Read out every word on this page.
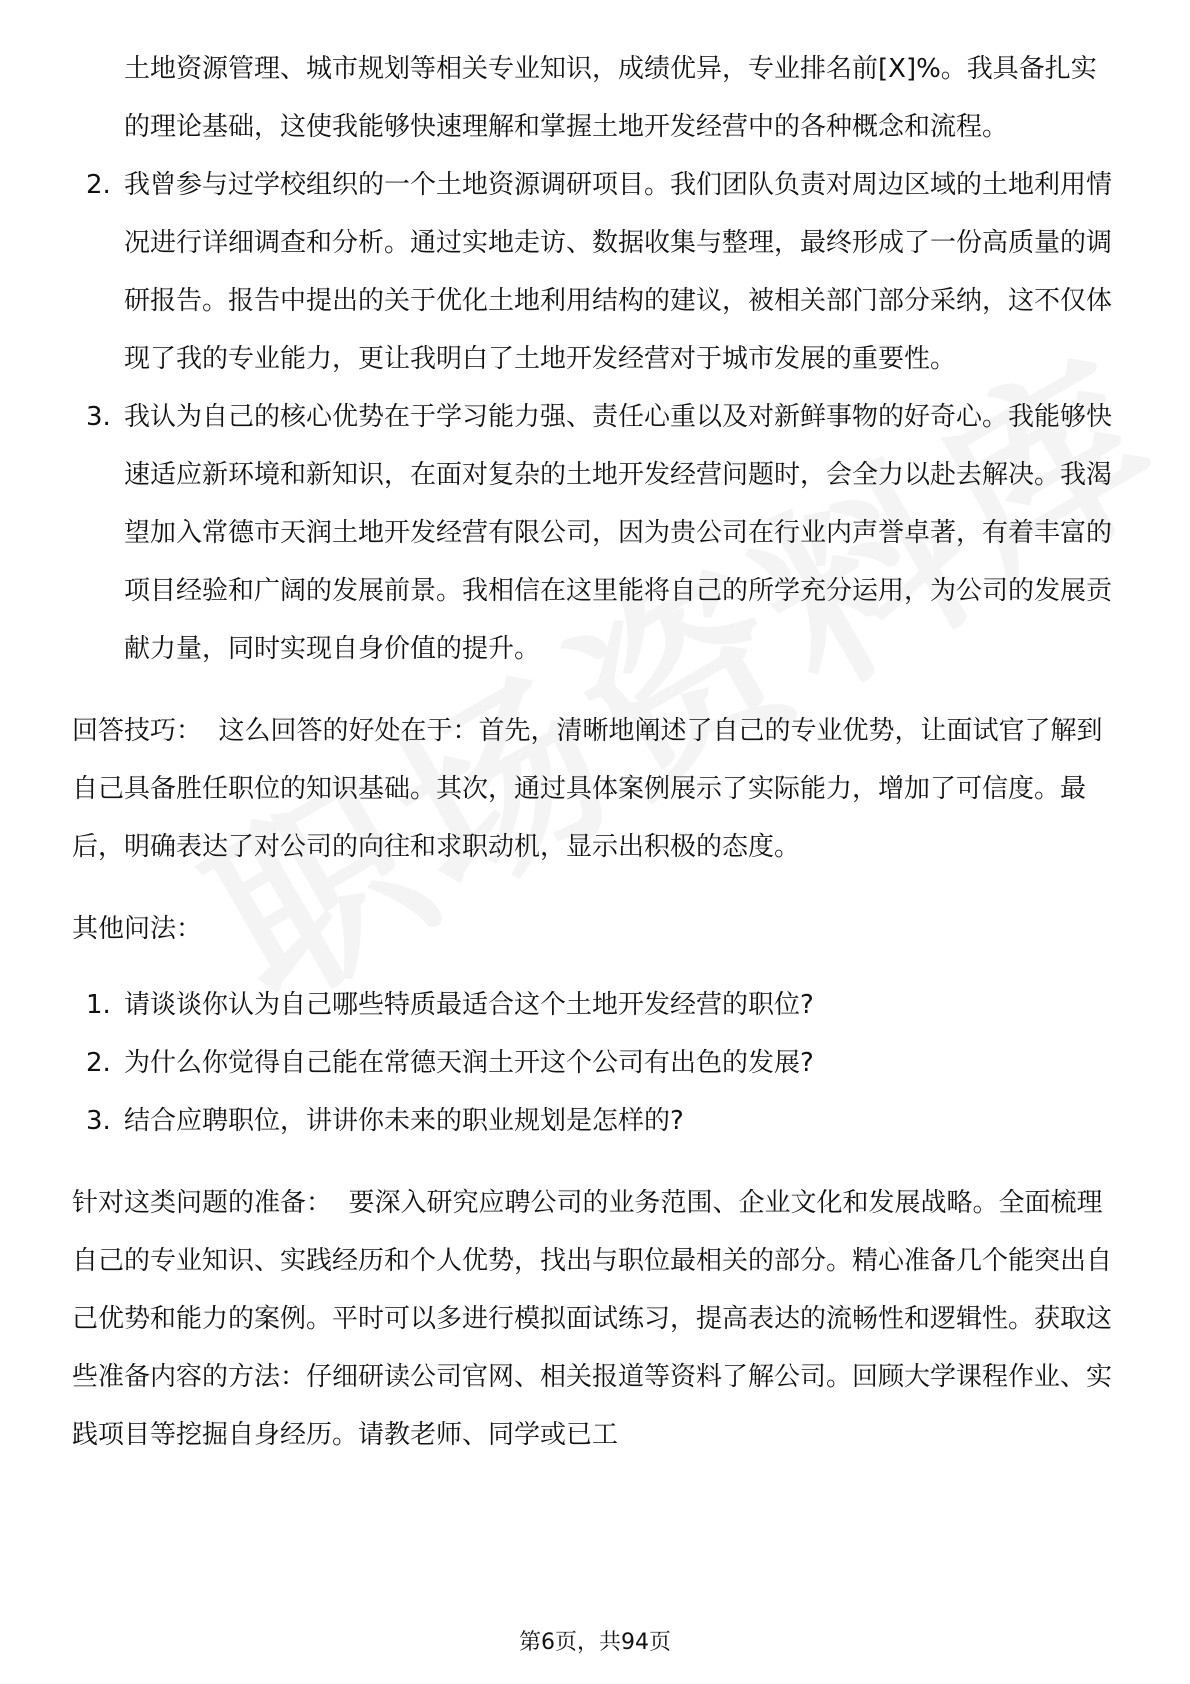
土地资源管理、城市规划等相关专业知识，成绩优异，专业排名前[X]%。我具备扎实的理论基础，这使我能够快速理解和掌握土地开发经营中的各种概念和流程。
2. 我曾参与过学校组织的一个土地资源调研项目。我们团队负责对周边区域的土地利用情况进行详细调查和分析。通过实地走访、数据收集与整理，最终形成了一份高质量的调研报告。报告中提出的关于优化土地利用结构的建议，被相关部门部分采纳，这不仅体现了我的专业能力，更让我明白了土地开发经营对于城市发展的重要性。
3. 我认为自己的核心优势在于学习能力强、责任心重以及对新鲜事物的好奇心。我能够快速适应新环境和新知识，在面对复杂的土地开发经营问题时，会全力以赴去解决。我渴望加入常德市天润土地开发经营有限公司，因为贵公司在行业内声誉卓著，有着丰富的项目经验和广阔的发展前景。我相信在这里能将自己的所学充分运用，为公司的发展贡献力量，同时实现自身价值的提升。

回答技巧： 这么回答的好处在于：首先，清晰地阐述了自己的专业优势，让面试官了解到自己具备胜任职位的知识基础。其次，通过具体案例展示了实际能力，增加了可信度。最后，明确表达了对公司的向往和求职动机，显示出积极的态度。

其他问法：

1. 请谈谈你认为自己哪些特质最适合这个土地开发经营的职位?
2. 为什么你觉得自己能在常德天润土开这个公司有出色的发展?
3. 结合应聘职位，讲讲你未来的职业规划是怎样的?

针对这类问题的准备： 要深入研究应聘公司的业务范围、企业文化和发展战略。全面梳理自己的专业知识、实践经历和个人优势，找出与职位最相关的部分。精心准备几个能突出自己优势和能力的案例。平时可以多进行模拟面试练习，提高表达的流畅性和逻辑性。获取这些准备内容的方法：仔细研读公司官网、相关报道等资料了解公司。回顾大学课程作业、实践项目等挖掘自身经历。请教老师、同学或已工

第6页，共94页
